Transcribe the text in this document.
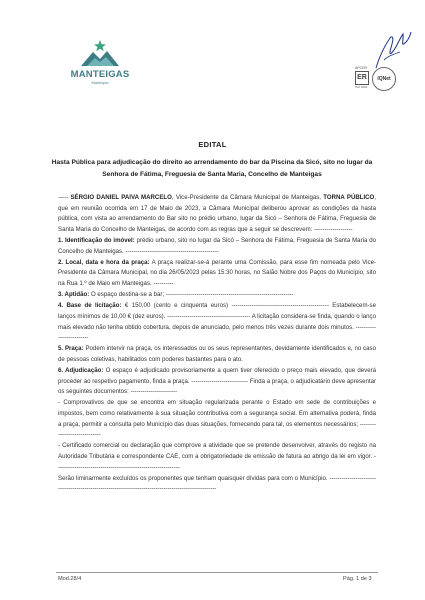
MANTEIGAS
Município
APCER
ER	IQNet
ISO 9001
EDITAL
Hasta Pública para adjudicação do direito ao arrendamento do bar da Piscina da Sicó, sito no lugar da Senhora de Fátima, Freguesia de Santa Maria, Concelho de Manteigas

----- SÉRGIO DANIEL PAIVA MARCELO, Vice-Presidente da Câmara Municipal de Manteigas, TORNA PÚBLICO, que em reunião ocorrida em 17 de Maio de 2023, a Câmara Municipal deliberou aprovar as condições da hasta pública, com vista ao arrendamento do Bar sito no prédio urbano, lugar da Sicó – Senhora de Fátima, Freguesia de Santa Maria do Concelho de Manteigas, de acordo com as regras que a seguir se descrevem: -------------------

1. Identificação do imóvel: prédio urbano, sito no lugar da Sicó – Senhora de Fátima, Freguesia de Santa Maria do Concelho de Manteigas. ----------------------------------------------

2. Local, data e hora da praça: A praça realizar-se-á perante uma Comissão, para esse fim nomeada pelo Vice-Presidente da Câmara Municipal, no dia 26/05/2023 pelas 15:30 horas, no Salão Nobre dos Paços do Município, sito na Rua 1.º de Maio em Manteigas. ----------

3. Aptidão: O espaço destina-se a bar; ---------------------------------------------------------------

4. Base de licitação: € 150,00 (cento e cinquenta euros) ------------------------------------------------ Estabelecem-se lanços mínimos de 10,00 € (dez euros). ----------------------------------------- A licitação considera-se finda, quando o lanço mais elevado não tenha obtido cobertura, depois de anunciado, pelo menos três vezes durante dois minutos. -------------------------

5. Praça: Podem intervir na praça, os interessados ou os seus representantes, devidamente identificados e, no caso de pessoas coletivas, habilitados com poderes bastantes para o ato.

6. Adjudicação: O espaço é adjudicado provisoriamente a quem tiver oferecido o preço mais elevado, que deverá proceder ao respetivo pagamento, finda a praça. ---------------------------- Finda a praça, o adjudicatário deve apresentar os seguintes documentos: -----------------------

- Comprovativos de que se encontra em situação regularizada perante o Estado em sede de contribuições e impostos, bem como relativamente à sua situação contributiva com a segurança social. Em alternativa poderá, finda a praça, permitir a consulta pelo Município das duas situações, fornecendo para tal, os elementos necessários; -----------------------------

- Certificado comercial ou declaração que comprove a atividade que se pretende desenvolver, através do registo na Autoridade Tributária e correspondente CAE, com a obrigatoriedade de emissão de fatura ao abrigo da lei em vigor. -------------------------------------------------------------

Serão liminarmente excluídos os proponentes que tenham quaisquer dívidas para com o Município. -----------------------------------------------------------------------------------------------------

Mod.28/4	Pág. 1 de 3
